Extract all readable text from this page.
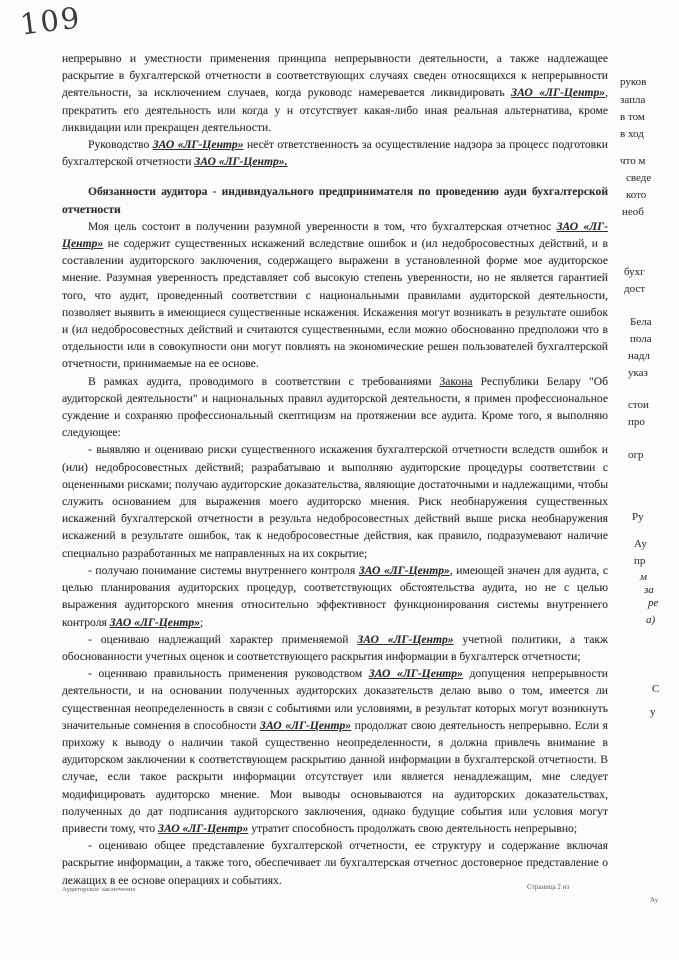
109

непрерывно и уместности применения принципа непрерывности деятельности, а также надлежащее раскрытие в бухгалтерской отчетности в соответствующих случаях сведен относящихся к непрерывности деятельности, за исключением случаев, когда руководс намеревается ликвидировать ЗАО «ЛГ-Центр», прекратить его деятельность или когда у н отсутствует какая-либо иная реальная альтернатива, кроме ликвидации или прекращен деятельности.

Руководство ЗАО «ЛГ-Центр» несёт ответственность за осуществление надзора за процесс подготовки бухгалтерской отчетности ЗАО «ЛГ-Центр».

Обязанности аудитора - индивидуального предпринимателя по проведению ауди бухгалтерской отчетности

Моя цель состоит в получении разумной уверенности в том, что бухгалтерская отчетнос ЗАО «ЛГ-Центр» не содержит существенных искажений вследствие ошибок и (ил недобросовестных действий, и в составлении аудиторского заключения, содержащего выражени в установленной форме мое аудиторское мнение. Разумная уверенность представляет соб высокую степень уверенности, но не является гарантией того, что аудит, проведенный соответствии с национальными правилами аудиторской деятельности, позволяет выявить в имеющиеся существенные искажения. Искажения могут возникать в результате ошибок и (ил недобросовестных действий и считаются существенными, если можно обоснованно предположи что в отдельности или в совокупности они могут повлиять на экономические решен пользователей бухгалтерской отчетности, принимаемые на ее основе.

В рамках аудита, проводимого в соответствии с требованиями Закона Республики Белару "Об аудиторской деятельности" и национальных правил аудиторской деятельности, я примен профессиональное суждение и сохраняю профессиональный скептицизм на протяжении все аудита. Кроме того, я выполняю следующее:

- выявляю и оцениваю риски существенного искажения бухгалтерской отчетности вследств ошибок и (или) недобросовестных действий; разрабатываю и выполняю аудиторские процедуры соответствии с оцененными рисками; получаю аудиторские доказательства, являющие достаточными и надлежащими, чтобы служить основанием для выражения моего аудиторско мнения. Риск необнаружения существенных искажений бухгалтерской отчетности в результа недобросовестных действий выше риска необнаружения искажений в результате ошибок, так к недобросовестные действия, как правило, подразумевают наличие специально разработанных ме направленных на их сокрытие;

- получаю понимание системы внутреннего контроля ЗАО «ЛГ-Центр», имеющей значен для аудита, с целью планирования аудиторских процедур, соответствующих обстоятельства аудита, но не с целью выражения аудиторского мнения относительно эффективност функционирования системы внутреннего контроля ЗАО «ЛГ-Центр»;

- оцениваю надлежащий характер применяемой ЗАО «ЛГ-Центр» учетной политики, а такж обоснованности учетных оценок и соответствующего раскрытия информации в бухгалтерск отчетности;

- оцениваю правильность применения руководством ЗАО «ЛГ-Центр» допущения непрерывности деятельности, и на основании полученных аудиторских доказательств делаю выво о том, имеется ли существенная неопределенность в связи с событиями или условиями, в результат которых могут возникнуть значительные сомнения в способности ЗАО «ЛГ-Центр» продолжат свою деятельность непрерывно. Если я прихожу к выводу о наличии такой существенно неопределенности, я должна привлечь внимание в аудиторском заключении к соответствующем раскрытию данной информации в бухгалтерской отчетности. В случае, если такое раскрыти информации отсутствует или является ненадлежащим, мне следует модифицировать аудиторско мнение. Мои выводы основываются на аудиторских доказательствах, полученных до дат подписания аудиторского заключения, однако будущие события или условия могут привести тому, что ЗАО «ЛГ-Центр» утратит способность продолжать свою деятельность непрерывно;

- оцениваю общее представление бухгалтерской отчетности, ее структуру и содержание включая раскрытие информации, а также того, обеспечивает ли бухгалтерская отчетнос достоверное представление о лежащих в ее основе операциях и событиях.

руков
запла
в том
в ход
что м
сведе
кото
необ
бухг
дост
Бела
пола
надл
указ
стои
про
огр
Ру
Ау
пр
м
за
ре
а)
С
у
Аудиторское заключение	Страница 2 из
Ау
